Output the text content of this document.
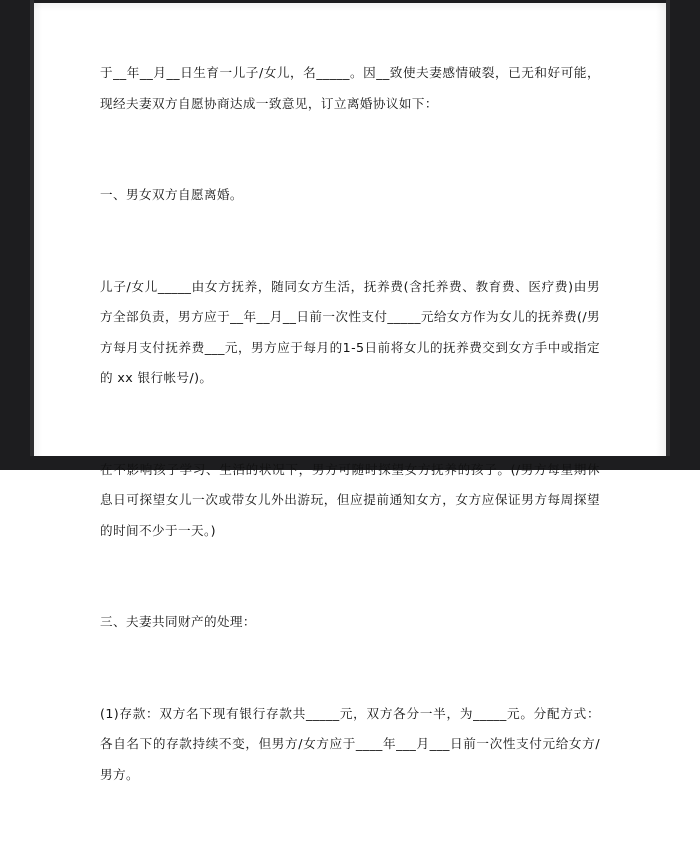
于__年__月__日生育一儿子/女儿，名_____。因__致使夫妻感情破裂，已无和好可能，现经夫妻双方自愿协商达成一致意见，订立离婚协议如下：

一、男女双方自愿离婚。

儿子/女儿_____由女方抚养，随同女方生活，抚养费(含托养费、教育费、医疗费)由男方全部负责，男方应于__年__月__日前一次性支付_____元给女方作为女儿的抚养费(/男方每月支付抚养费___元，男方应于每月的1-5日前将女儿的抚养费交到女方手中或指定的 xx 银行帐号/)。

在不影响孩子学习、生活的状况下，男方可随时探望女方抚养的孩子。(/男方每星期休息日可探望女儿一次或带女儿外出游玩，但应提前通知女方，女方应保证男方每周探望的时间不少于一天。)

三、夫妻共同财产的处理：

(1)存款：双方名下现有银行存款共_____元，双方各分一半，为_____元。分配方式：各自名下的存款持续不变，但男方/女方应于____年___月___日前一次性支付元给女方/男方。
